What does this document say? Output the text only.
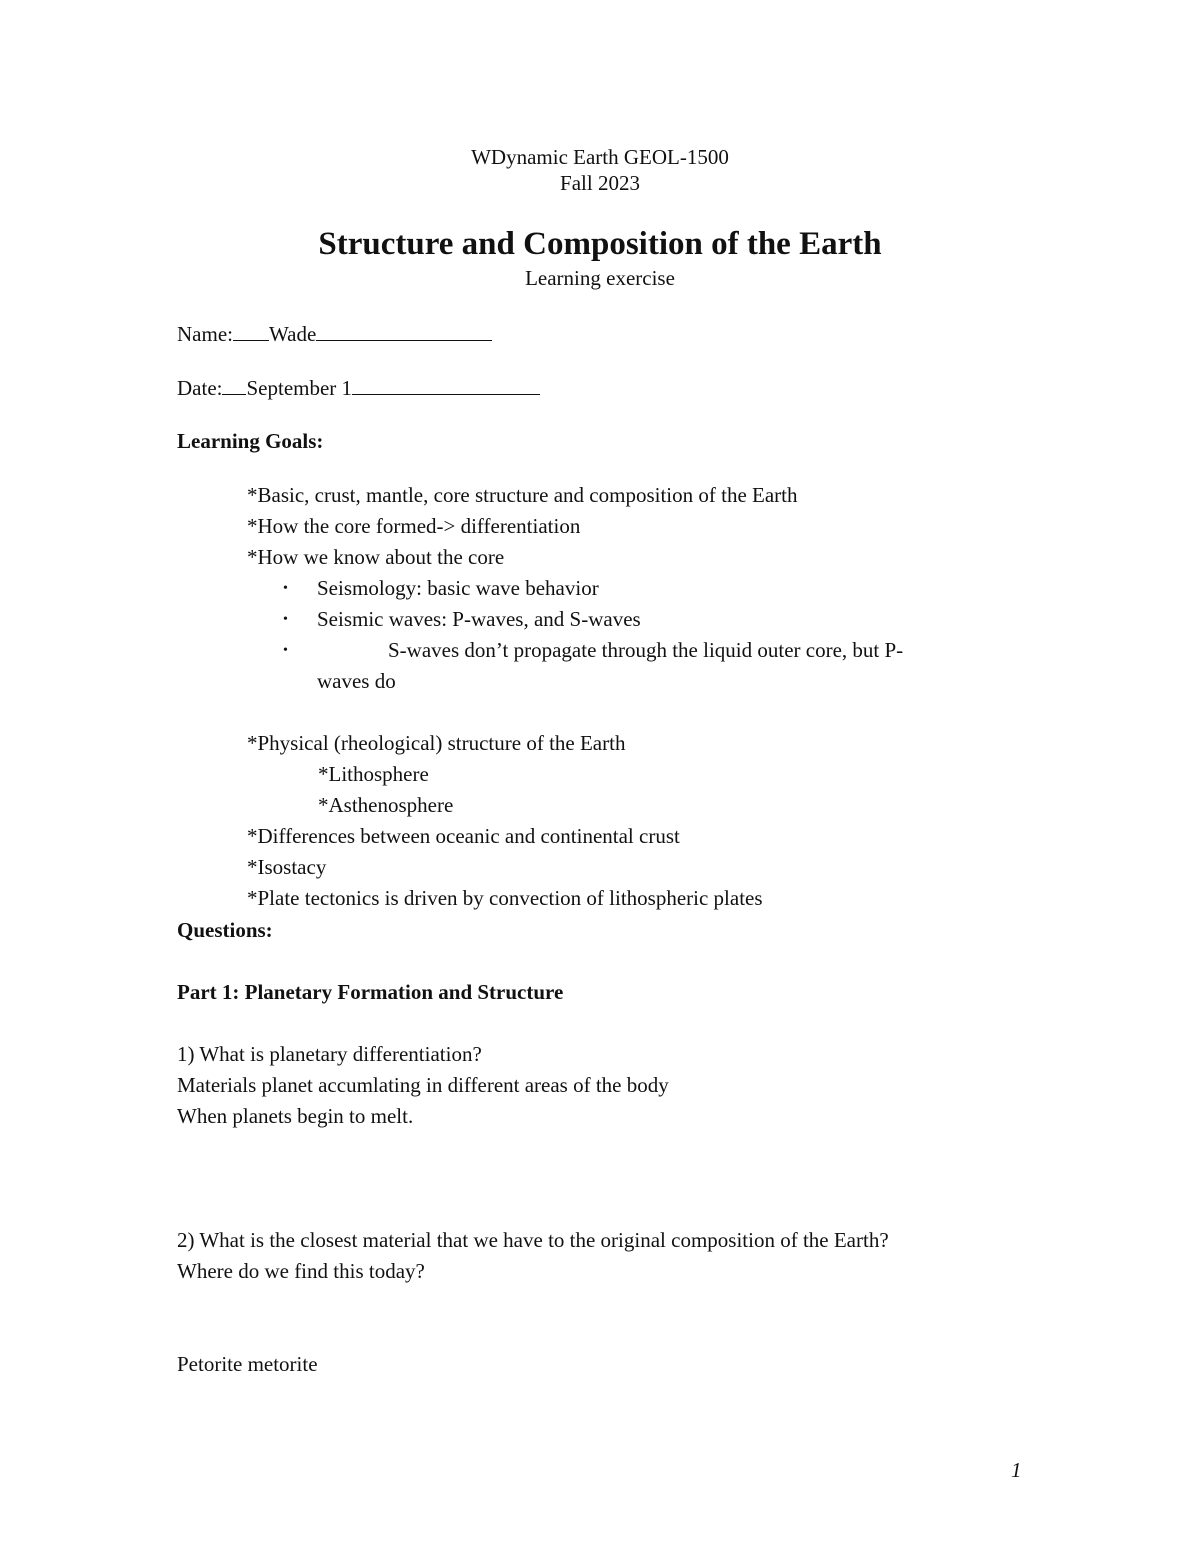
WDynamic Earth GEOL-1500
Fall 2023
Structure and Composition of the Earth
Learning exercise
Name: Wade
Date: September 1
Learning Goals:
*Basic, crust, mantle, core structure and composition of the Earth
*How the core formed-> differentiation
*How we know about the core
• Seismology: basic wave behavior
• Seismic waves: P-waves, and S-waves
•	S-waves don’t propagate through the liquid outer core, but P-
waves do
*Physical (rheological) structure of the Earth
*Lithosphere
*Asthenosphere
*Differences between oceanic and continental crust
*Isostacy
*Plate tectonics is driven by convection of lithospheric plates
Questions:
Part 1: Planetary Formation and Structure
1) What is planetary differentiation?
Materials planet accumlating in different areas of the body
When planets begin to melt.
2) What is the closest material that we have to the original composition of the Earth?
Where do we find this today?
Petorite metorite
1
